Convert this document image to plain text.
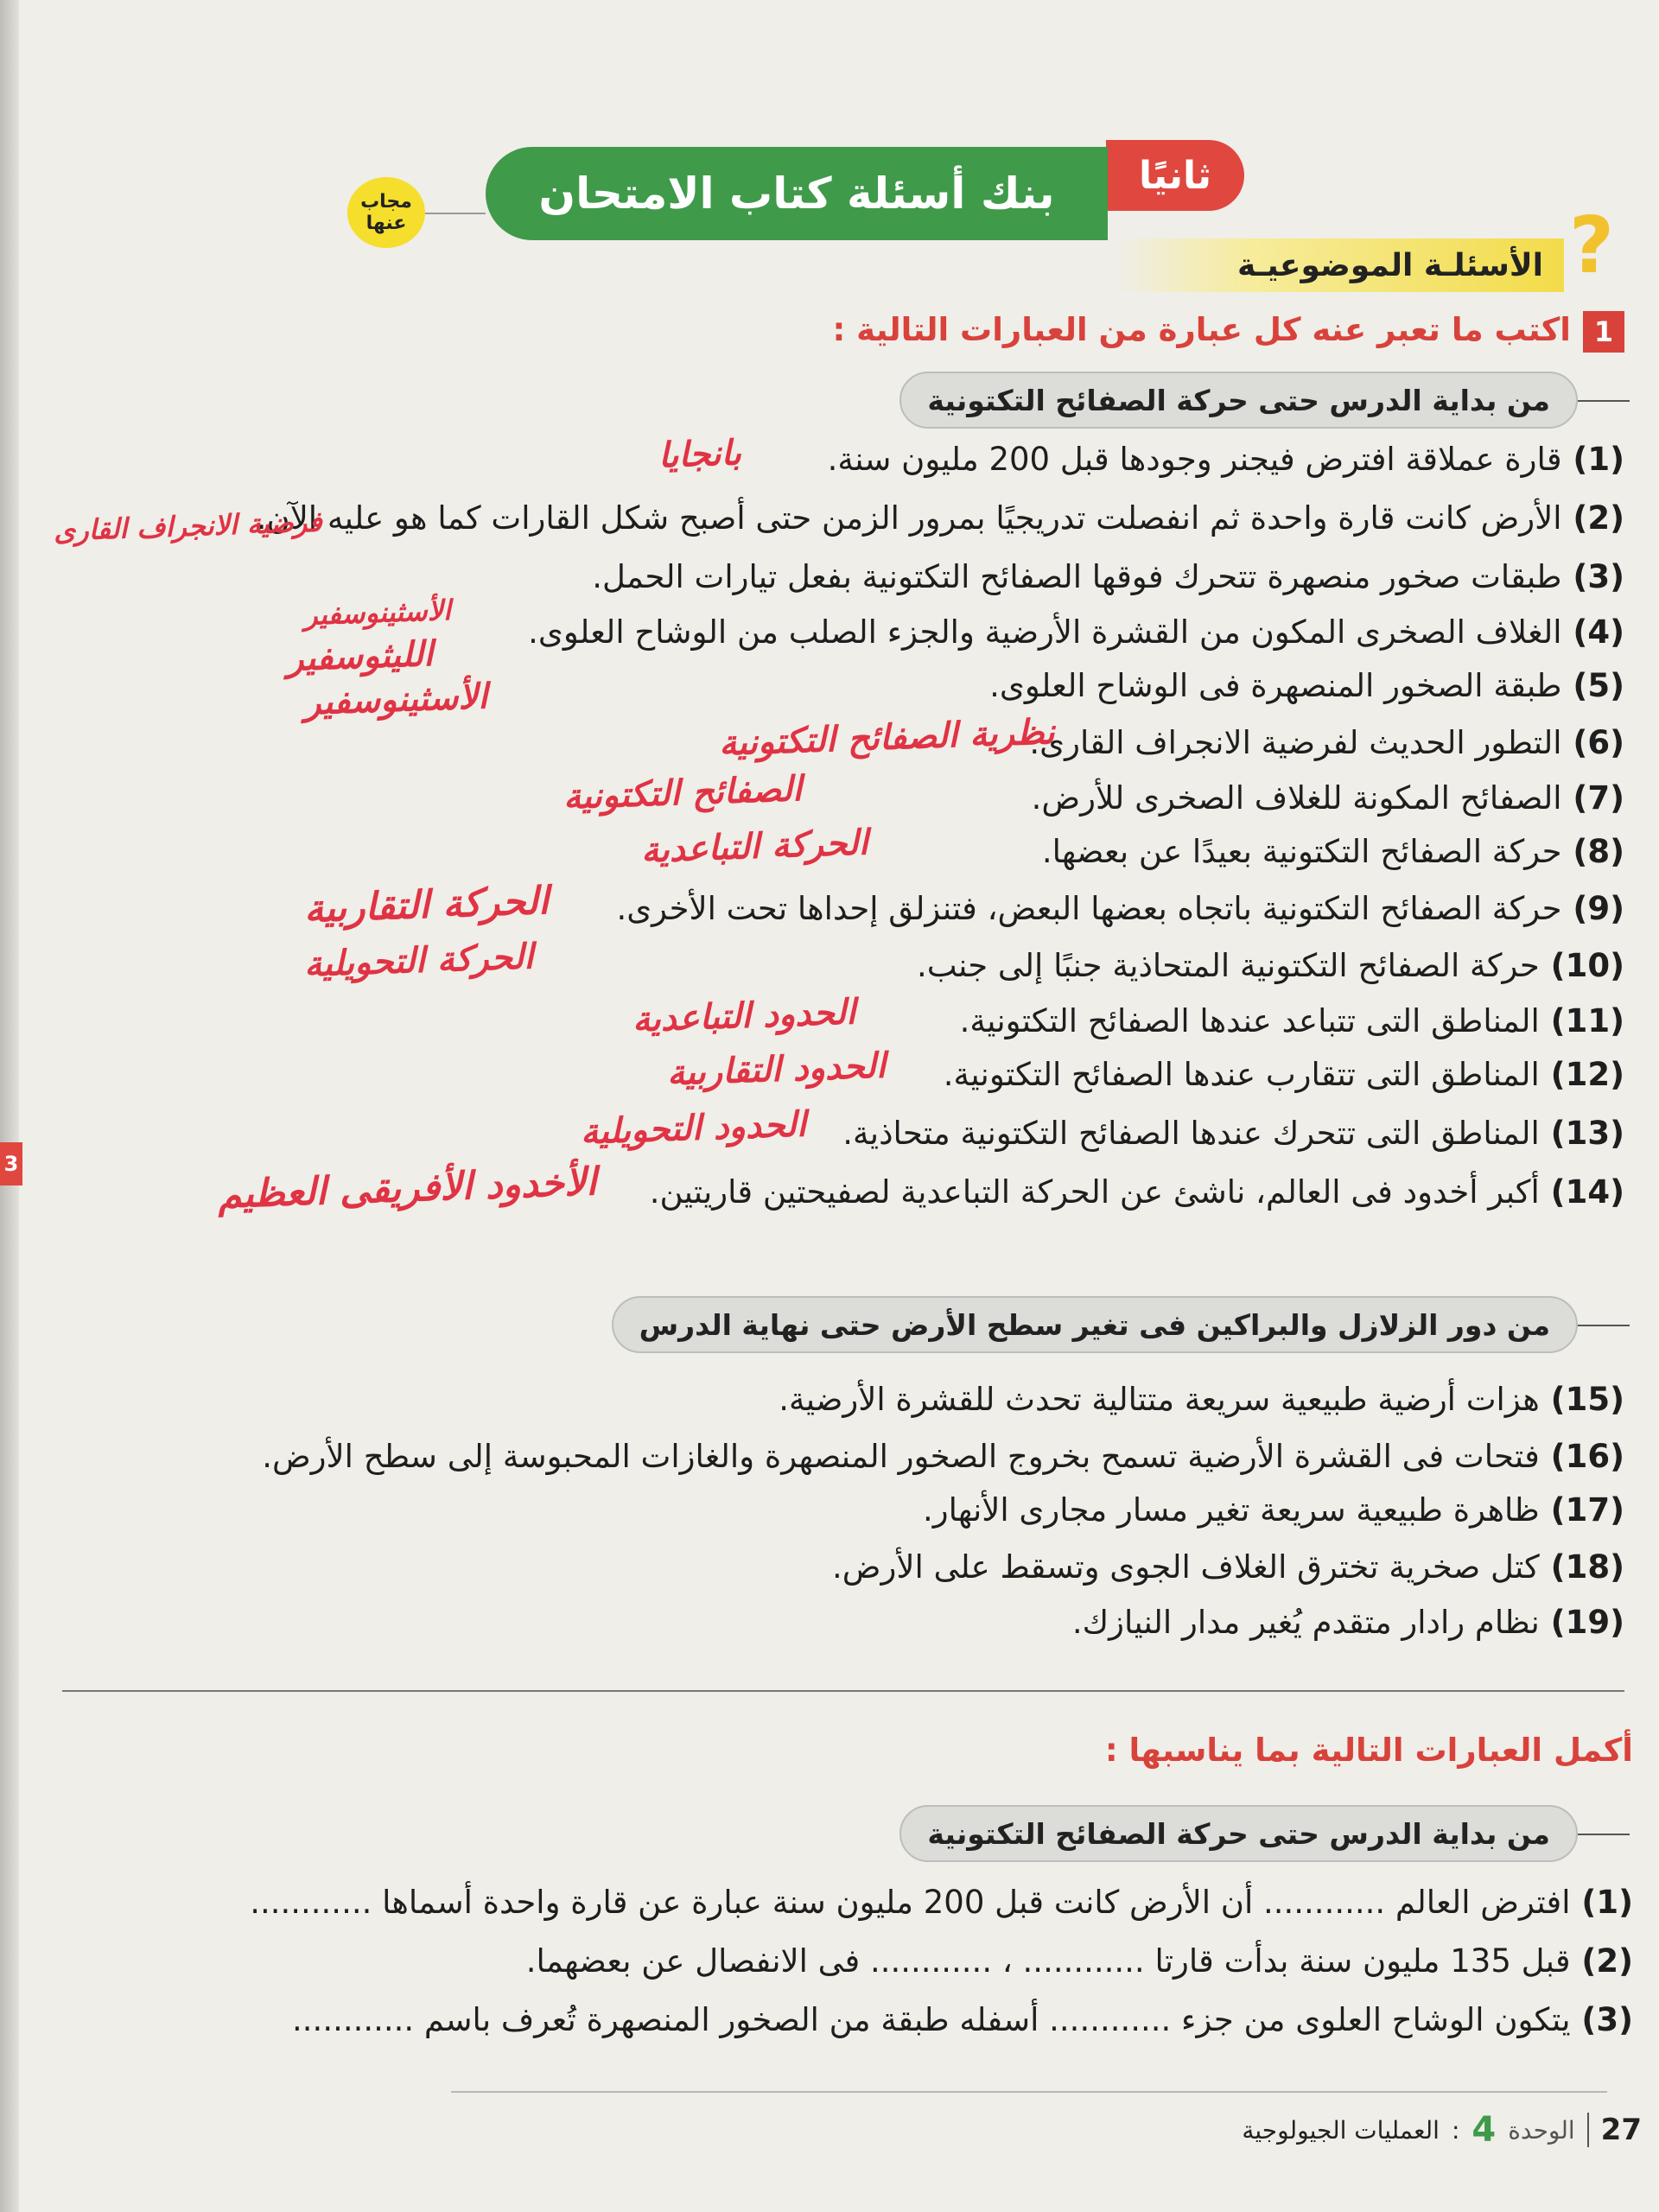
ثانيًا
بنك أسئلة كتاب الامتحان
مجاب عنها	?
الأسئلـة الموضوعيـة
1
اكتب ما تعبر عنه كل عبارة من العبارات التالية :
من بداية الدرس حتى حركة الصفائح التكتونية
(1) قارة عملاقة افترض فيجنر وجودها قبل 200 مليون سنة.
بانجايا
(2) الأرض كانت قارة واحدة ثم انفصلت تدريجيًا بمرور الزمن حتى أصبح شكل القارات كما هو عليه الآن.
فرضية الانجراف القارى
(3) طبقات صخور منصهرة تتحرك فوقها الصفائح التكتونية بفعل تيارات الحمل.
الأسثينوسفير
(4) الغلاف الصخرى المكون من القشرة الأرضية والجزء الصلب من الوشاح العلوى.
الليثوسفير
(5) طبقة الصخور المنصهرة فى الوشاح العلوى.
الأسثينوسفير
(6) التطور الحديث لفرضية الانجراف القارى.
نظرية الصفائح التكتونية
(7) الصفائح المكونة للغلاف الصخرى للأرض.
الصفائح التكتونية
(8) حركة الصفائح التكتونية بعيدًا عن بعضها.
الحركة التباعدية
(9) حركة الصفائح التكتونية باتجاه بعضها البعض، فتنزلق إحداها تحت الأخرى.
الحركة التقاربية
(10) حركة الصفائح التكتونية المتحاذية جنبًا إلى جنب.
الحركة التحويلية
(11) المناطق التى تتباعد عندها الصفائح التكتونية.
الحدود التباعدية
(12) المناطق التى تتقارب عندها الصفائح التكتونية.
الحدود التقاربية
(13) المناطق التى تتحرك عندها الصفائح التكتونية متحاذية.
الحدود التحويلية
(14) أكبر أخدود فى العالم، ناشئ عن الحركة التباعدية لصفيحتين قاريتين.
الأخدود الأفريقى العظيم
من دور الزلازل والبراكين فى تغير سطح الأرض حتى نهاية الدرس
(15) هزات أرضية طبيعية سريعة متتالية تحدث للقشرة الأرضية.
(16) فتحات فى القشرة الأرضية تسمح بخروج الصخور المنصهرة والغازات المحبوسة إلى سطح الأرض.
(17) ظاهرة طبيعية سريعة تغير مسار مجارى الأنهار.
(18) كتل صخرية تخترق الغلاف الجوى وتسقط على الأرض.
(19) نظام رادار متقدم يُغير مدار النيازك.
أكمل العبارات التالية بما يناسبها :
من بداية الدرس حتى حركة الصفائح التكتونية
(1) افترض العالم ............ أن الأرض كانت قبل 200 مليون سنة عبارة عن قارة واحدة أسماها ............
(2) قبل 135 مليون سنة بدأت قارتا ............ ، ............ فى الانفصال عن بعضهما.
(3) يتكون الوشاح العلوى من جزء ............ أسفله طبقة من الصخور المنصهرة تُعرف باسم ............
27
الوحدة
4
:
العمليات الجيولوجية
3
